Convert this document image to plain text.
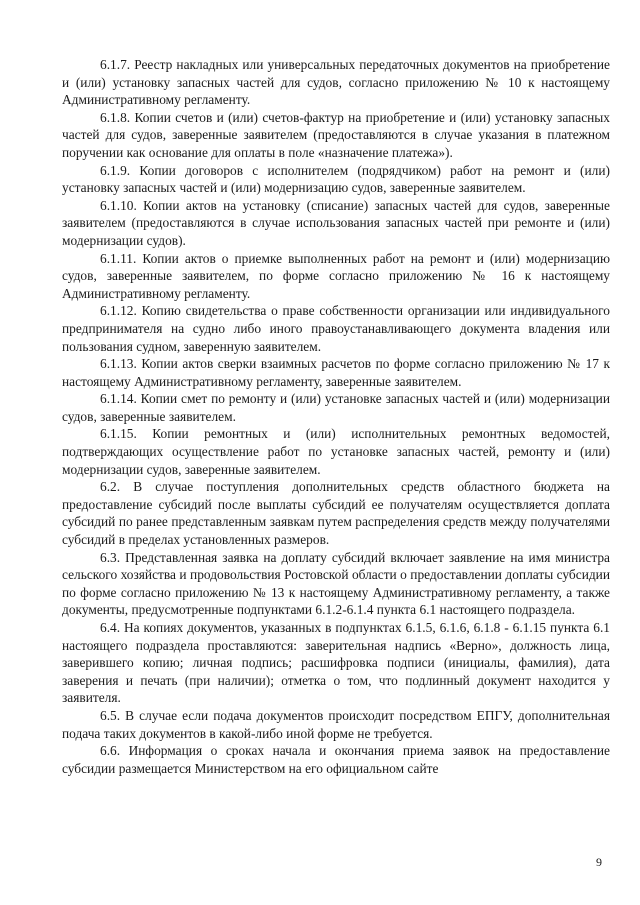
6.1.7. Реестр накладных или универсальных передаточных документов на приобретение и (или) установку запасных частей для судов, согласно приложению № 10 к настоящему Административному регламенту.

6.1.8. Копии счетов и (или) счетов-фактур на приобретение и (или) установку запасных частей для судов, заверенные заявителем (предоставляются в случае указания в платежном поручении как основание для оплаты в поле «назначение платежа»).

6.1.9. Копии договоров с исполнителем (подрядчиком) работ на ремонт и (или) установку запасных частей и (или) модернизацию судов, заверенные заявителем.

6.1.10. Копии актов на установку (списание) запасных частей для судов, заверенные заявителем (предоставляются в случае использования запасных частей при ремонте и (или) модернизации судов).

6.1.11. Копии актов о приемке выполненных работ на ремонт и (или) модернизацию судов, заверенные заявителем, по форме согласно приложению № 16 к настоящему Административному регламенту.

6.1.12. Копию свидетельства о праве собственности организации или индивидуального предпринимателя на судно либо иного правоустанавливающего документа владения или пользования судном, заверенную заявителем.

6.1.13. Копии актов сверки взаимных расчетов по форме согласно приложению № 17 к настоящему Административному регламенту, заверенные заявителем.

6.1.14. Копии смет по ремонту и (или) установке запасных частей и (или) модернизации судов, заверенные заявителем.

6.1.15. Копии ремонтных и (или) исполнительных ремонтных ведомостей, подтверждающих осуществление работ по установке запасных частей, ремонту и (или) модернизации судов, заверенные заявителем.

6.2. В случае поступления дополнительных средств областного бюджета на предоставление субсидий после выплаты субсидий ее получателям осуществляется доплата субсидий по ранее представленным заявкам путем распределения средств между получателями субсидий в пределах установленных размеров.

6.3. Представленная заявка на доплату субсидий включает заявление на имя министра сельского хозяйства и продовольствия Ростовской области о предоставлении доплаты субсидии по форме согласно приложению № 13 к настоящему Административному регламенту, а также документы, предусмотренные подпунктами 6.1.2-6.1.4 пункта 6.1 настоящего подраздела.

6.4. На копиях документов, указанных в подпунктах 6.1.5, 6.1.6, 6.1.8 - 6.1.15 пункта 6.1 настоящего подраздела проставляются: заверительная надпись «Верно», должность лица, заверившего копию; личная подпись; расшифровка подписи (инициалы, фамилия), дата заверения и печать (при наличии); отметка о том, что подлинный документ находится у заявителя.

6.5. В случае если подача документов происходит посредством ЕПГУ, дополнительная подача таких документов в какой-либо иной форме не требуется.

6.6. Информация о сроках начала и окончания приема заявок на предоставление субсидии размещается Министерством на его официальном сайте

9
